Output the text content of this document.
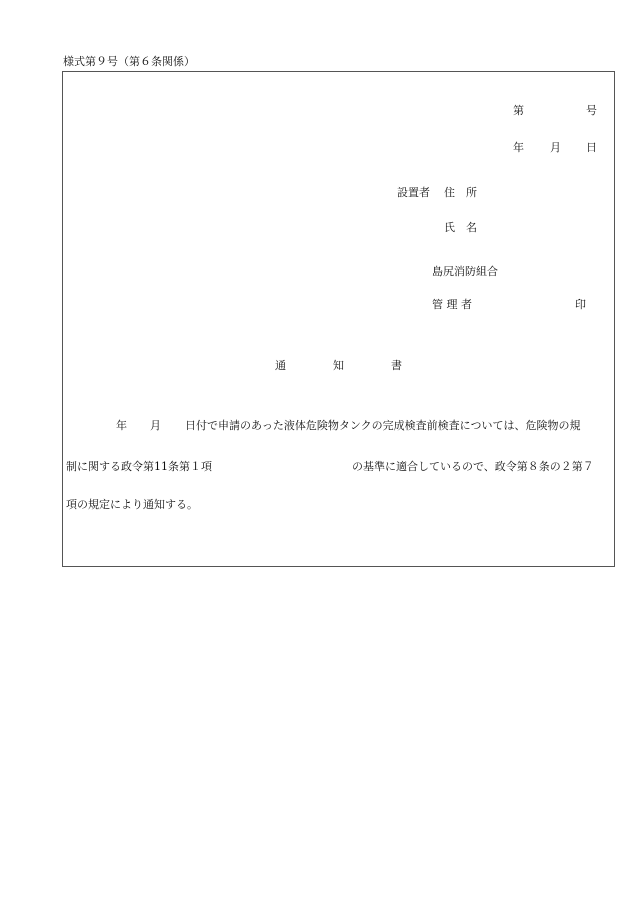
様式第９号（第６条関係）
第	号
年 月 日
設置者 住　所
氏　名
島尻消防組合
管 理 者	印
通	知	書
年 月 日付で申請のあった液体危険物タンクの完成検査前検査については、危険物の規
制に関する政令第11条第１項	の基準に適合しているので、政令第８条の２第７
項の規定により通知する。
